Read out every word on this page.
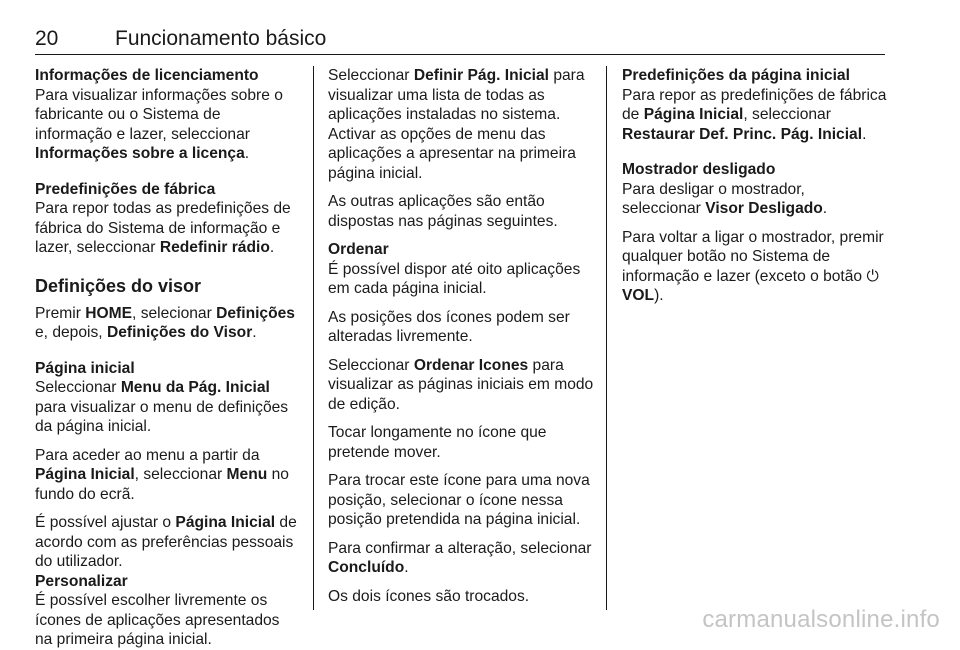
20	Funcionamento básico

Informações de licenciamento
Para visualizar informações sobre o fabricante ou o Sistema de informação e lazer, seleccionar Informações sobre a licença.

Predefinições de fábrica
Para repor todas as predefinições de fábrica do Sistema de informação e lazer, seleccionar Redefinir rádio.

Definições do visor

Premir HOME, selecionar Definições e, depois, Definições do Visor.

Página inicial
Seleccionar Menu da Pág. Inicial para visualizar o menu de definições da página inicial.

Para aceder ao menu a partir da Página Inicial, seleccionar Menu no fundo do ecrã.

É possível ajustar o Página Inicial de acordo com as preferências pessoais do utilizador.

Personalizar
É possível escolher livremente os ícones de aplicações apresentados na primeira página inicial.

Seleccionar Definir Pág. Inicial para visualizar uma lista de todas as aplicações instaladas no sistema. Activar as opções de menu das aplicações a apresentar na primeira página inicial.

As outras aplicações são então dispostas nas páginas seguintes.

Ordenar
É possível dispor até oito aplicações em cada página inicial.

As posições dos ícones podem ser alteradas livremente.

Seleccionar Ordenar Icones para visualizar as páginas iniciais em modo de edição.

Tocar longamente no ícone que pretende mover.

Para trocar este ícone para uma nova posição, selecionar o ícone nessa posição pretendida na página inicial.

Para confirmar a alteração, selecionar Concluído.

Os dois ícones são trocados.

Predefinições da página inicial
Para repor as predefinições de fábrica de Página Inicial, seleccionar Restaurar Def. Princ. Pág. Inicial.

Mostrador desligado
Para desligar o mostrador, seleccionar Visor Desligado.

Para voltar a ligar o mostrador, premir qualquer botão no Sistema de informação e lazer (exceto o botão ⏻
VOL).

carmanualsonline.info
